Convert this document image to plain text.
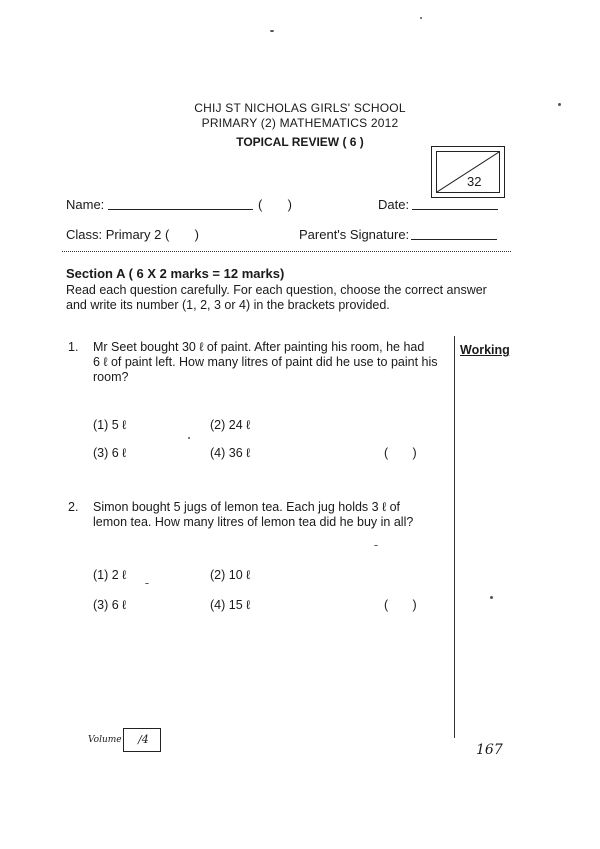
CHIJ ST NICHOLAS GIRLS' SCHOOL
PRIMARY (2) MATHEMATICS 2012
TOPICAL REVIEW ( 6 )
32
Name:	(       )	Date:
Class: Primary 2 (       )	Parent's Signature:
Section A ( 6 X 2 marks = 12 marks)
Read each question carefully. For each question, choose the correct answer
and write its number (1, 2, 3 or 4) in the brackets provided.
Working
1. Mr Seet bought 30 ℓ of paint. After painting his room, he had
6 ℓ of paint left. How many litres of paint did he use to paint his
room?
(1) 5 ℓ	(2) 24 ℓ
(3) 6 ℓ	(4) 36 ℓ	(       )
2. Simon bought 5 jugs of lemon tea. Each jug holds 3 ℓ of
lemon tea. How many litres of lemon tea did he buy in all?
(1) 2 ℓ	(2) 10 ℓ
(3) 6 ℓ	(4) 15 ℓ	(       )
Volume /4
167
